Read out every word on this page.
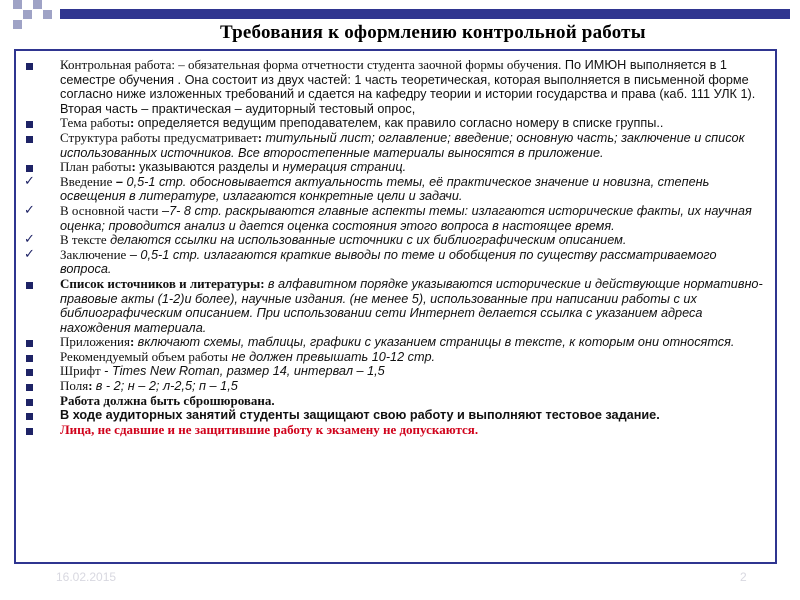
Требования к оформлению контрольной работы
Контрольная работа: – обязательная форма отчетности студента заочной формы обучения. По ИМЮН выполняется в 1 семестре обучения . Она состоит из двух частей: 1 часть теоретическая, которая выполняется в письменной форме согласно ниже изложенных требований и сдается на кафедру теории и истории государства и права (каб. 111 УЛК 1). Вторая часть – практическая – аудиторный тестовый опрос,
Тема работы: определяется ведущим преподавателем, как правило согласно номеру в списке группы..
Структура работы предусматривает: титульный лист; оглавление; введение; основную часть; заключение и список использованных источников. Все второстепенные материалы выносятся в приложение.
План работы: указываются разделы и нумерация страниц.
✓ Введение – 0,5-1 стр. обосновывается актуальность темы, её практическое значение и новизна, степень освещения в литературе, излагаются конкретные цели и задачи.
✓ В основной части –7- 8 стр. раскрываются главные аспекты темы: излагаются исторические факты, их научная оценка; проводится анализ и дается оценка состояния этого вопроса в настоящее время.
✓ В тексте делаются ссылки на использованные источники с их библиографическим описанием.
✓ Заключение – 0,5-1 стр. излагаются краткие выводы по теме и обобщения по существу рассматриваемого вопроса.
Список источников и литературы: в алфавитном порядке указываются исторические и действующие нормативно-правовые акты (1-2)и более), научные издания. (не менее 5), использованные при написании работы с их библиографическим описанием. При использовании сети Интернет делается ссылка с указанием адреса нахождения материала.
Приложения: включают схемы, таблицы, графики с указанием страницы в тексте, к которым они относятся.
Рекомендуемый объем работы не должен превышать 10-12 стр.
Шрифт - Times New Roman, размер 14, интервал – 1,5
Поля: в - 2; н – 2; л-2,5; п – 1,5
Работа должна быть сброшюрована.
В ходе аудиторных занятий студенты защищают свою работу и выполняют тестовое задание.
Лица, не сдавшие и не защитившие работу к экзамену не допускаются.
16.02.2015	2
